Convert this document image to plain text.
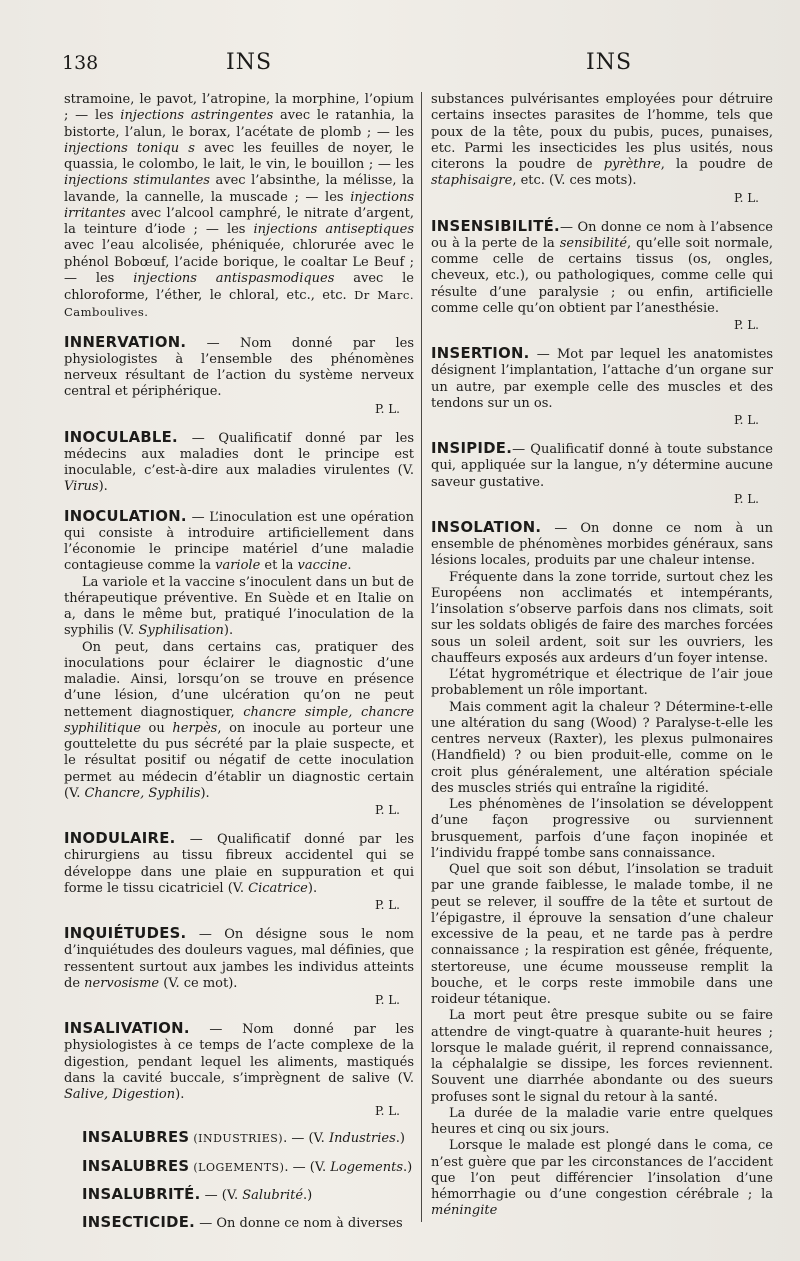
138	INS	INS

stramoine, le pavot, l’atropine, la morphine, l’opium ; — les injections astringentes avec le ratanhia, la bistorte, l’alun, le borax, l’acétate de plomb ; — les injections toniqu s avec les feuilles de noyer, le quassia, le colombo, le lait, le vin, le bouillon ; — les injections stimulantes avec l’absinthe, la mélisse, la lavande, la cannelle, la muscade ; — les injections irritantes avec l’alcool camphré, le nitrate d’argent, la teinture d’iode ; — les injections antiseptiques avec l’eau alcolisée, phéniquée, chlorurée avec le phénol Bobœuf, l’acide borique, le coaltar Le Beuf ; — les injections antispasmodiques avec le chloroforme, l’éther, le chloral, etc., etc. Dr Marc. Camboulives.

INNERVATION. — Nom donné par les physiologistes à l’ensemble des phénomènes nerveux résultant de l’action du système nerveux central et périphérique.
P. L.

INOCULABLE. — Qualificatif donné par les médecins aux maladies dont le principe est inoculable, c’est-à-dire aux maladies virulentes (V. Virus).

INOCULATION. — L’inoculation est une opération qui consiste à introduire artificiellement dans l’économie le principe matériel d’une maladie contagieuse comme la variole et la vaccine.

La variole et la vaccine s’inoculent dans un but de thérapeutique préventive. En Suède et en Italie on a, dans le même but, pratiqué l’inoculation de la syphilis (V. Syphilisation).

On peut, dans certains cas, pratiquer des inoculations pour éclairer le diagnostic d’une maladie. Ainsi, lorsqu’on se trouve en présence d’une lésion, d’une ulcération qu’on ne peut nettement diagnostiquer, chancre simple, chancre syphilitique ou herpès, on inocule au porteur une gouttelette du pus sécrété par la plaie suspecte, et le résultat positif ou négatif de cette inoculation permet au médecin d’établir un diagnostic certain (V. Chancre, Syphilis).
P. L.

INODULAIRE. — Qualificatif donné par les chirurgiens au tissu fibreux accidentel qui se développe dans une plaie en suppuration et qui forme le tissu cicatriciel (V. Cicatrice).
P. L.

INQUIÉTUDES. — On désigne sous le nom d’inquiétudes des douleurs vagues, mal définies, que ressentent surtout aux jambes les individus atteints de nervosisme (V. ce mot).
P. L.

INSALIVATION. — Nom donné par les physiologistes à ce temps de l’acte complexe de la digestion, pendant lequel les aliments, mastiqués dans la cavité buccale, s’imprègnent de salive (V. Salive, Digestion).
P. L.

INSALUBRES (INDUSTRIES). — (V. Industries.)

INSALUBRES (LOGEMENTS). — (V. Logements.)

INSALUBRITÉ. — (V. Salubrité.)

INSECTICIDE. — On donne ce nom à diverses

substances pulvérisantes employées pour détruire certains insectes parasites de l’homme, tels que poux de la tête, poux du pubis, puces, punaises, etc. Parmi les insecticides les plus usités, nous citerons la poudre de pyrèthre, la poudre de staphisaigre, etc. (V. ces mots).
P. L.

INSENSIBILITÉ.— On donne ce nom à l’absence ou à la perte de la sensibilité, qu’elle soit normale, comme celle de certains tissus (os, ongles, cheveux, etc.), ou pathologiques, comme celle qui résulte d’une paralysie ; ou enfin, artificielle comme celle qu’on obtient par l’anesthésie.
P. L.

INSERTION. — Mot par lequel les anatomistes désignent l’implantation, l’attache d’un organe sur un autre, par exemple celle des muscles et des tendons sur un os.
P. L.

INSIPIDE.— Qualificatif donné à toute substance qui, appliquée sur la langue, n’y détermine aucune saveur gustative.
P. L.

INSOLATION. — On donne ce nom à un ensemble de phénomènes morbides généraux, sans lésions locales, produits par une chaleur intense.

Fréquente dans la zone torride, surtout chez les Européens non acclimatés et intempérants, l’insolation s’observe parfois dans nos climats, soit sur les soldats obligés de faire des marches forcées sous un soleil ardent, soit sur les ouvriers, les chauffeurs exposés aux ardeurs d’un foyer intense.

L’état hygrométrique et électrique de l’air joue probablement un rôle important.

Mais comment agit la chaleur ? Détermine-t-elle une altération du sang (Wood) ? Paralyse-t-elle les centres nerveux (Raxter), les plexus pulmonaires (Handfield) ? ou bien produit-elle, comme on le croit plus généralement, une altération spéciale des muscles striés qui entraîne la rigidité.

Les phénomènes de l’insolation se développent d’une façon progressive ou surviennent brusquement, parfois d’une façon inopinée et l’individu frappé tombe sans connaissance.

Quel que soit son début, l’insolation se traduit par une grande faiblesse, le malade tombe, il ne peut se relever, il souffre de la tête et surtout de l’épigastre, il éprouve la sensation d’une chaleur excessive de la peau, et ne tarde pas à perdre connaissance ; la respiration est gênée, fréquente, stertoreuse, une écume mousseuse remplit la bouche, et le corps reste immobile dans une roideur tétanique.

La mort peut être presque subite ou se faire attendre de vingt-quatre à quarante-huit heures ; lorsque le malade guérit, il reprend connaissance, la céphalalgie se dissipe, les forces reviennent. Souvent une diarrhée abondante ou des sueurs profuses sont le signal du retour à la santé.

La durée de la maladie varie entre quelques heures et cinq ou six jours.

Lorsque le malade est plongé dans le coma, ce n’est guère que par les circonstances de l’accident que l’on peut différencier l’insolation d’une hémorrhagie ou d’une congestion cérébrale ; la méningite
